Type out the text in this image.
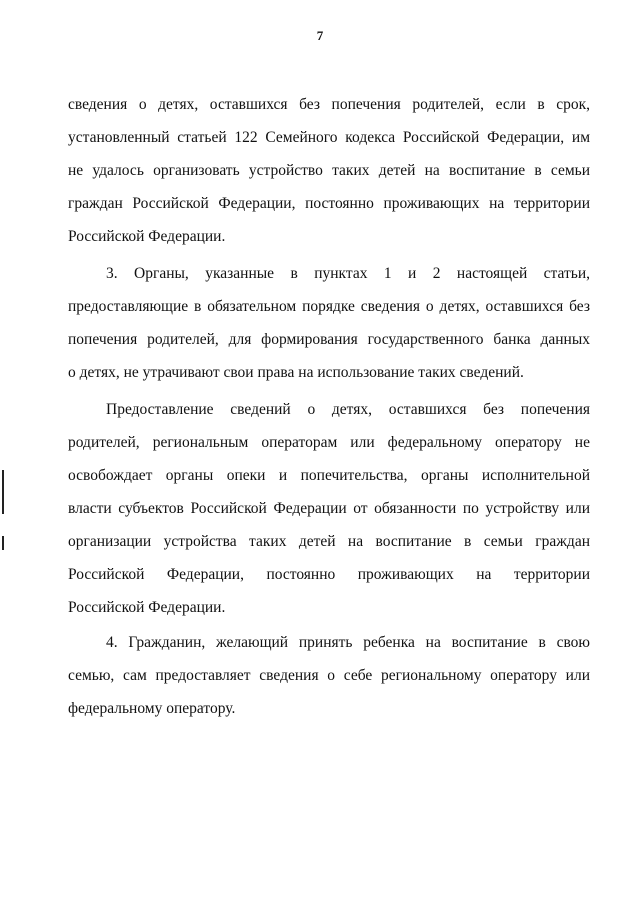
7
сведения о детях, оставшихся без попечения родителей, если в срок,
установленный статьей 122 Семейного кодекса Российской Федерации, им
не удалось организовать устройство таких детей на воспитание в семьи
граждан Российской Федерации, постоянно проживающих на территории
Российской Федерации.
3. Органы, указанные в пунктах 1 и 2 настоящей статьи,
предоставляющие в обязательном порядке сведения о детях, оставшихся без
попечения родителей, для формирования государственного банка данных
о детях, не утрачивают свои права на использование таких сведений.
Предоставление сведений о детях, оставшихся без попечения
родителей, региональным операторам или федеральному оператору не
освобождает органы опеки и попечительства, органы исполнительной
власти субъектов Российской Федерации от обязанности по устройству или
организации устройства таких детей на воспитание в семьи граждан
Российской Федерации, постоянно проживающих на территории
Российской Федерации.
4. Гражданин, желающий принять ребенка на воспитание в свою
семью, сам предоставляет сведения о себе региональному оператору или
федеральному оператору.
